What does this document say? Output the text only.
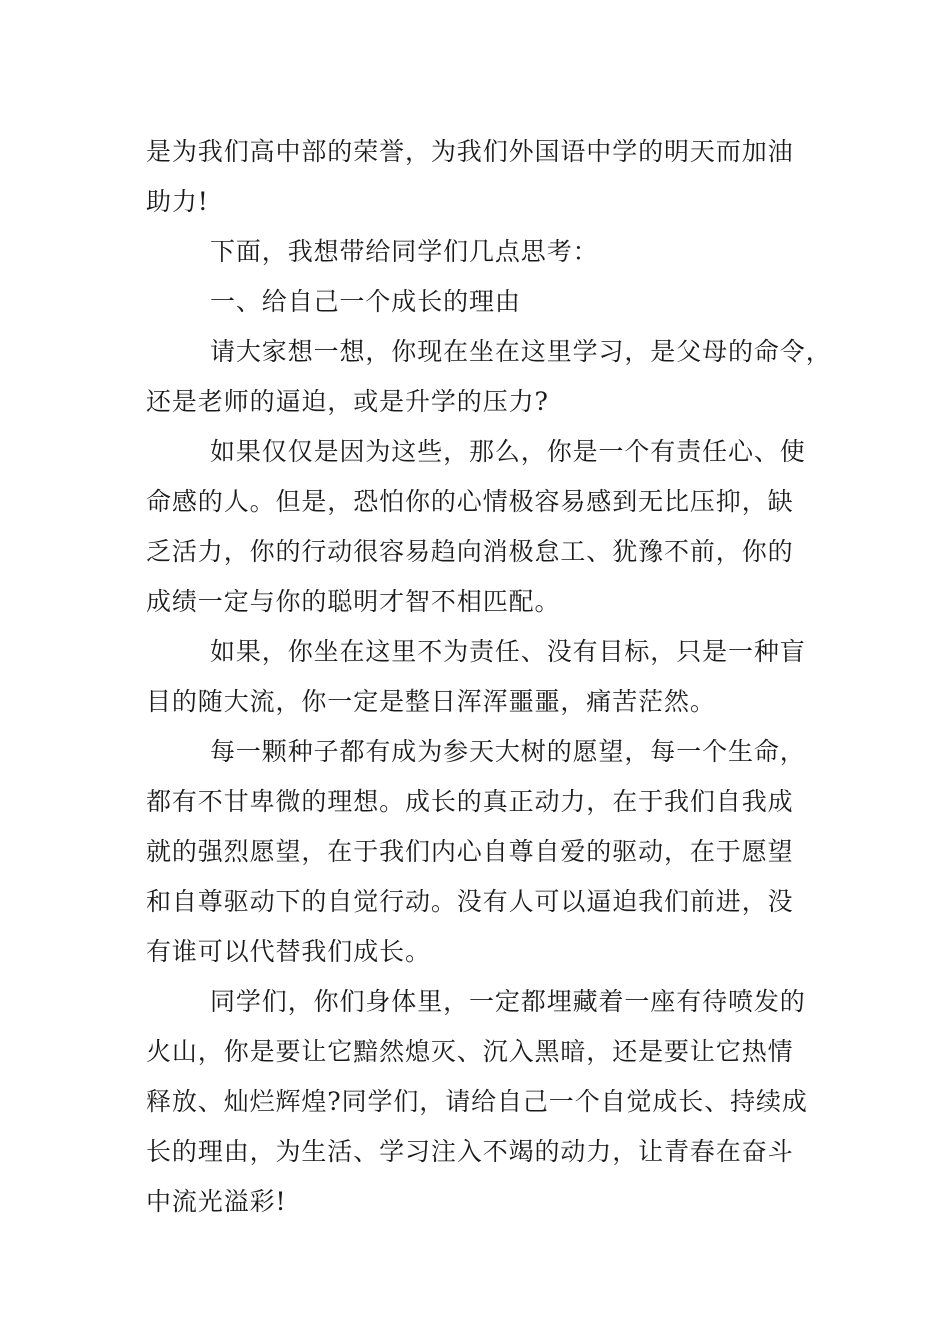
是为我们高中部的荣誉，为我们外国语中学的明天而加油
助力!
下面，我想带给同学们几点思考：
一、给自己一个成长的理由
请大家想一想，你现在坐在这里学习，是父母的命令，
还是老师的逼迫，或是升学的压力?
如果仅仅是因为这些，那么，你是一个有责任心、使
命感的人。但是，恐怕你的心情极容易感到无比压抑，缺
乏活力，你的行动很容易趋向消极怠工、犹豫不前，你的
成绩一定与你的聪明才智不相匹配。
如果，你坐在这里不为责任、没有目标，只是一种盲
目的随大流，你一定是整日浑浑噩噩，痛苦茫然。
每一颗种子都有成为参天大树的愿望，每一个生命，
都有不甘卑微的理想。成长的真正动力，在于我们自我成
就的强烈愿望，在于我们内心自尊自爱的驱动，在于愿望
和自尊驱动下的自觉行动。没有人可以逼迫我们前进，没
有谁可以代替我们成长。
同学们，你们身体里，一定都埋藏着一座有待喷发的
火山，你是要让它黯然熄灭、沉入黑暗，还是要让它热情
释放、灿烂辉煌?同学们，请给自己一个自觉成长、持续成
长的理由，为生活、学习注入不竭的动力，让青春在奋斗
中流光溢彩!
